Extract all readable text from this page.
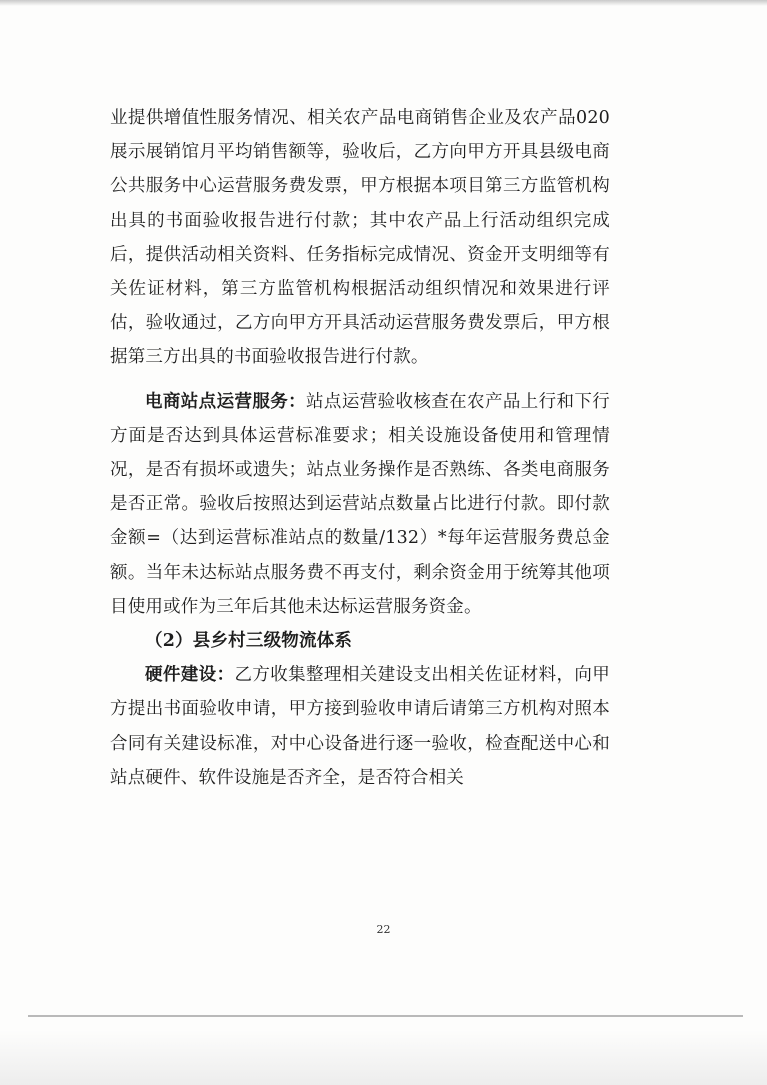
业提供增值性服务情况、相关农产品电商销售企业及农产品020展示展销馆月平均销售额等，验收后，乙方向甲方开具县级电商公共服务中心运营服务费发票，甲方根据本项目第三方监管机构出具的书面验收报告进行付款；其中农产品上行活动组织完成后，提供活动相关资料、任务指标完成情况、资金开支明细等有关佐证材料，第三方监管机构根据活动组织情况和效果进行评估，验收通过，乙方向甲方开具活动运营服务费发票后，甲方根据第三方出具的书面验收报告进行付款。

电商站点运营服务：站点运营验收核查在农产品上行和下行方面是否达到具体运营标准要求；相关设施设备使用和管理情况，是否有损坏或遗失；站点业务操作是否熟练、各类电商服务是否正常。验收后按照达到运营站点数量占比进行付款。即付款金额=（达到运营标准站点的数量/132）*每年运营服务费总金额。当年未达标站点服务费不再支付，剩余资金用于统筹其他项目使用或作为三年后其他未达标运营服务资金。

（2）县乡村三级物流体系

硬件建设：乙方收集整理相关建设支出相关佐证材料，向甲方提出书面验收申请，甲方接到验收申请后请第三方机构对照本合同有关建设标准，对中心设备进行逐一验收，检查配送中心和站点硬件、软件设施是否齐全，是否符合相关

22
